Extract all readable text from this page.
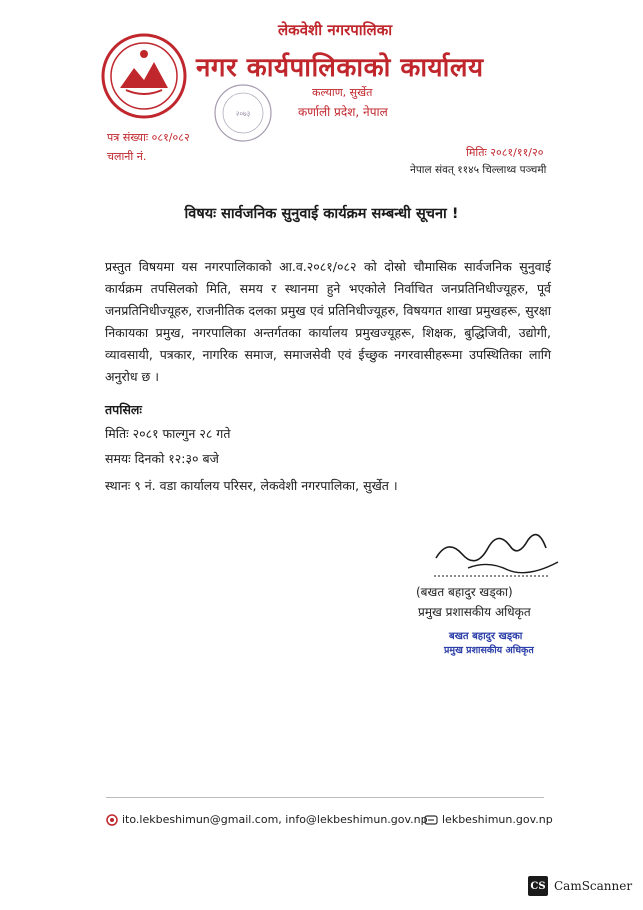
२०७३
लेकवेशी नगरपालिका
नगर कार्यपालिकाको कार्यालय
कल्याण, सुर्खेत
कर्णाली प्रदेश, नेपाल
पत्र संख्याः ०८१/०८२
चलानी नं.	मितिः २०८१/११/२०
नेपाल संवत् ११४५ चिल्लाथ्व पञ्चमी
विषयः सार्वजनिक सुनुवाई कार्यक्रम सम्बन्धी सूचना !
प्रस्तुत विषयमा यस नगरपालिकाको आ.व.२०८१/०८२ को दोस्रो चौमासिक सार्वजनिक सुनुवाई कार्यक्रम तपसिलको मिति, समय र स्थानमा हुने भएकोले निर्वाचित जनप्रतिनिधीज्यूहरु, पूर्व जनप्रतिनिधीज्यूहरु, राजनीतिक दलका प्रमुख एवं प्रतिनिधीज्यूहरु, विषयगत शाखा प्रमुखहरू, सुरक्षा निकायका प्रमुख, नगरपालिका अन्तर्गतका कार्यालय प्रमुखज्यूहरू, शिक्षक, बुद्धिजिवी, उद्योगी, व्यावसायी, पत्रकार, नागरिक समाज, समाजसेवी एवं ईच्छुक नगरवासीहरूमा उपस्थितिका लागि अनुरोध छ ।
तपसिलः
मितिः २०८१ फाल्गुन २८ गते
समयः दिनको १२:३० बजे
स्थानः ९ नं. वडा कार्यालय परिसर, लेकवेशी नगरपालिका, सुर्खेत ।
(बखत बहादुर खड्का)
प्रमुख प्रशासकीय अधिकृत
बखत बहादुर खड्का
प्रमुख प्रशासकीय अधिकृत
ito.lekbeshimun@gmail.com, info@lekbeshimun.gov.np lekbeshimun.gov.np
CS CamScanner
